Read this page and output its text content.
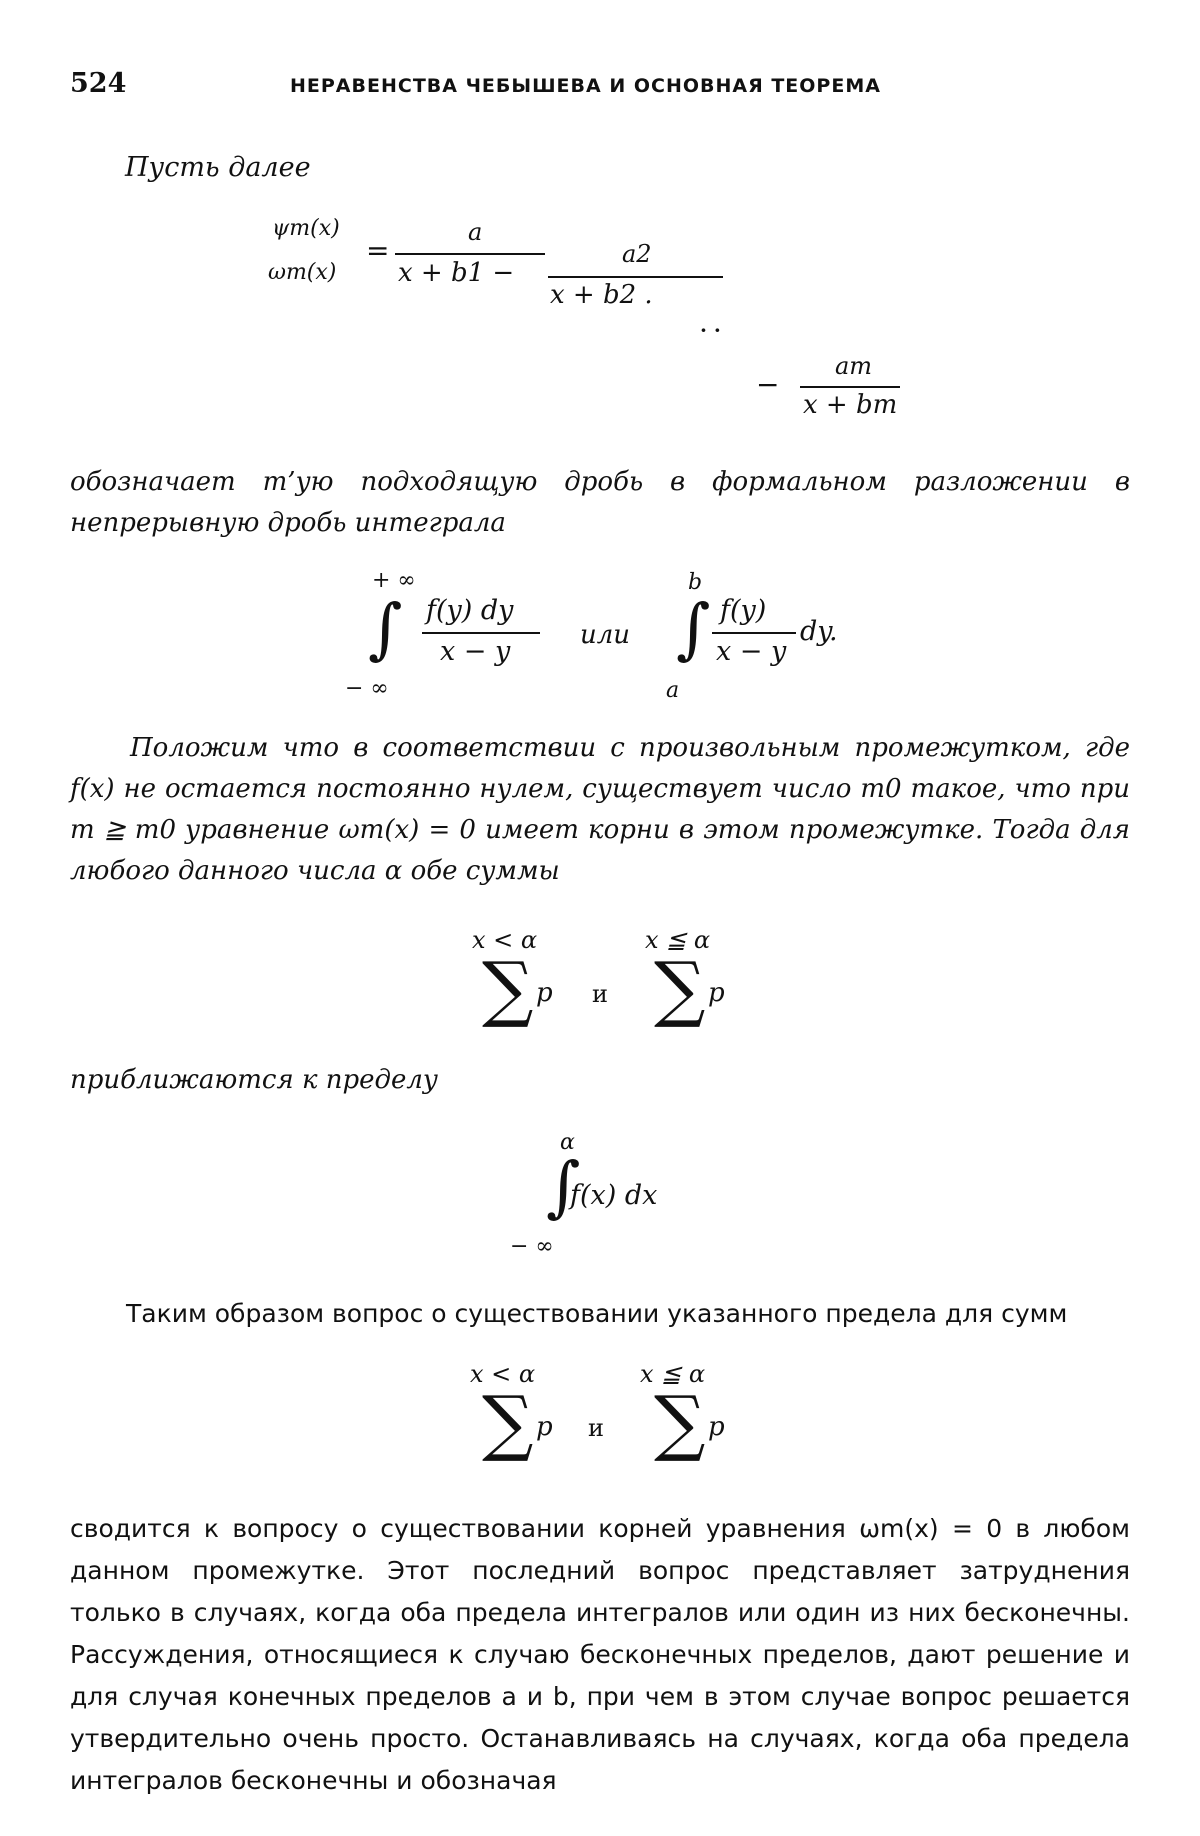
524	НЕРАВЕНСТВА ЧЕБЫШЕВА И ОСНОВНАЯ ТЕОРЕМА
Пусть далее
ψm(x)
ωm(x)
=
a
x + b1 −
a2
x + b2 .
· ·
−
am
x + bm
обозначает m’ую подходящую дробь в формальном разложении в непрерывную дробь интеграла
+ ∞
∫
− ∞
f(y) dy
x − y
или
b
∫
a
f(y)
x − y
dy.
Положим что в соответствии с произвольным промежутком, где f(x) не остается постоянно нулем, существует число m0 такое, что при m ≧ m0 уравнение ωm(x) = 0 имеет корни в этом промежутке. Тогда для любого данного числа α обе суммы
x < α
∑ p и
x ≦ α
∑ p
приближаются к пределу
α
∫
− ∞
f(x) dx
Таким образом вопрос о существовании указанного предела для сумм
x < α
∑ p и
x ≦ α
∑ p
сводится к вопросу о существовании корней уравнения ωm(x) = 0 в любом данном промежутке. Этот последний вопрос представляет затруднения только в случаях, когда оба предела интегралов или один из них бесконечны. Рассуждения, относящиеся к случаю бесконечных пределов, дают решение и для случая конечных пределов a и b, при чем в этом случае вопрос решается утвердительно очень просто. Останавливаясь на случаях, когда оба предела интегралов бесконечны и обозначая
